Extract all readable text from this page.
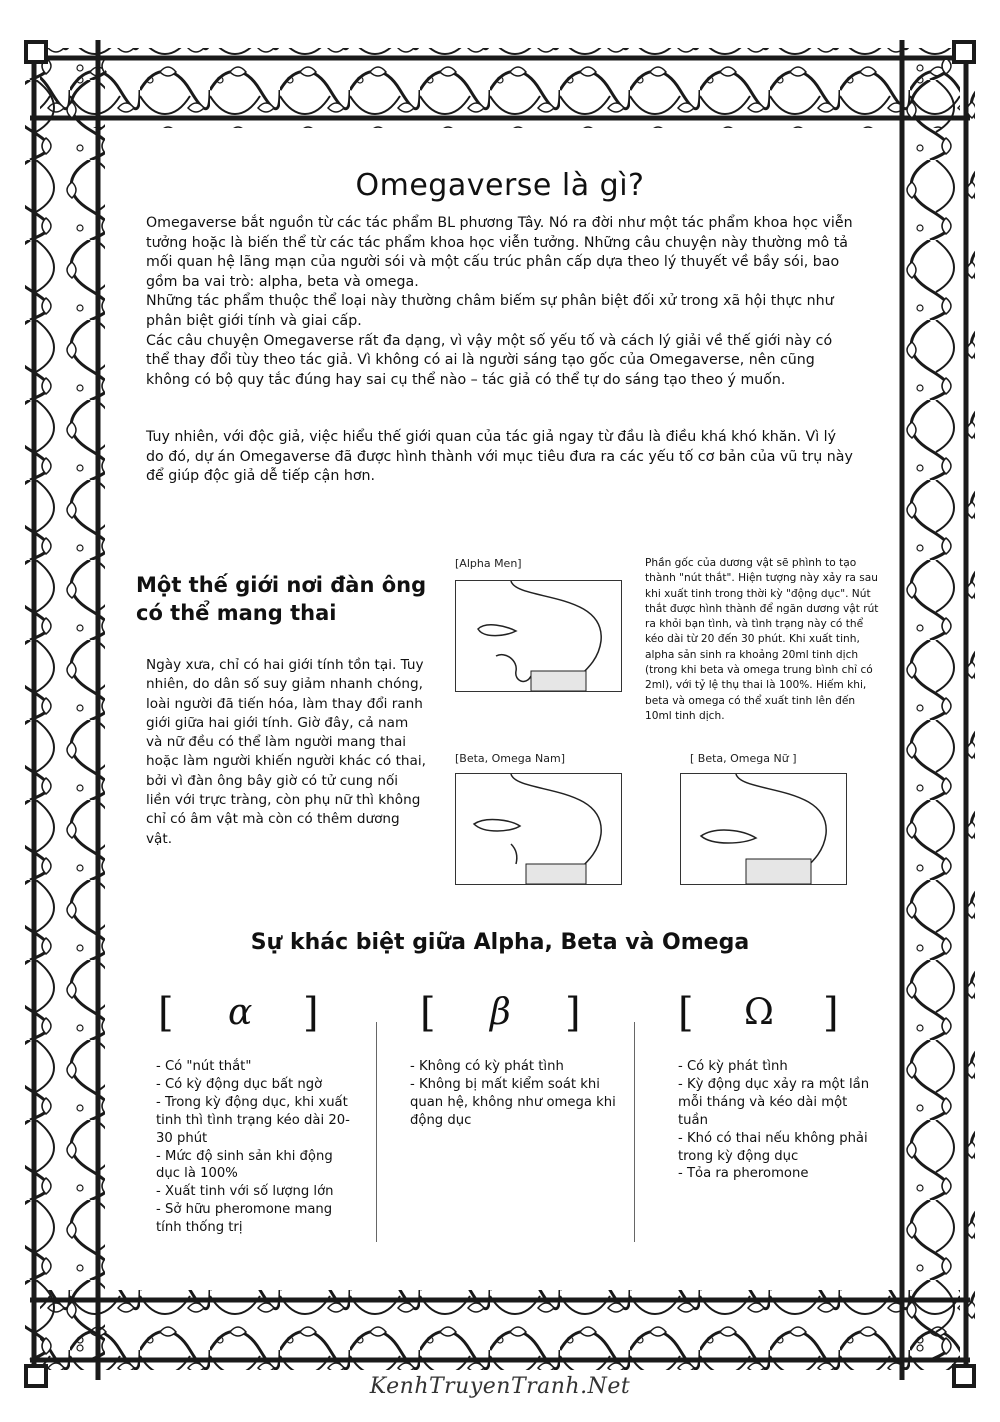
Omegaverse là gì?

Omegaverse bắt nguồn từ các tác phẩm BL phương Tây. Nó ra đời như một tác phẩm khoa học viễn tưởng hoặc là biến thể từ các tác phẩm khoa học viễn tưởng. Những câu chuyện này thường mô tả mối quan hệ lãng mạn của người sói và một cấu trúc phân cấp dựa theo lý thuyết về bầy sói, bao gồm ba vai trò: alpha, beta và omega.

Những tác phẩm thuộc thể loại này thường châm biếm sự phân biệt đối xử trong xã hội thực như phân biệt giới tính và giai cấp.

Các câu chuyện Omegaverse rất đa dạng, vì vậy một số yếu tố và cách lý giải về thế giới này có thể thay đổi tùy theo tác giả. Vì không có ai là người sáng tạo gốc của Omegaverse, nên cũng không có bộ quy tắc đúng hay sai cụ thể nào – tác giả có thể tự do sáng tạo theo ý muốn.

Tuy nhiên, với độc giả, việc hiểu thế giới quan của tác giả ngay từ đầu là điều khá khó khăn. Vì lý do đó, dự án Omegaverse đã được hình thành với mục tiêu đưa ra các yếu tố cơ bản của vũ trụ này để giúp độc giả dễ tiếp cận hơn.

Một thế giới nơi đàn ông có thể mang thai
Ngày xưa, chỉ có hai giới tính tồn tại. Tuy nhiên, do dân số suy giảm nhanh chóng, loài người đã tiến hóa, làm thay đổi ranh giới giữa hai giới tính. Giờ đây, cả nam và nữ đều có thể làm người mang thai hoặc làm người khiến người khác có thai, bởi vì đàn ông bây giờ có tử cung nối liền với trực tràng, còn phụ nữ thì không chỉ có âm vật mà còn có thêm dương vật.
[Alpha Men]	Phần gốc của dương vật sẽ phình to tạo thành "nút thắt". Hiện tượng này xảy ra sau khi xuất tinh trong thời kỳ "động dục". Nút thắt được hình thành để ngăn dương vật rút ra khỏi bạn tình, và tình trạng này có thể kéo dài từ 20 đến 30 phút. Khi xuất tinh, alpha sản sinh ra khoảng 20ml tinh dịch (trong khi beta và omega trung bình chỉ có 2ml), với tỷ lệ thụ thai là 100%. Hiếm khi, beta và omega có thể xuất tinh lên đến 10ml tinh dịch.
[Beta, Omega Nam]	[ Beta, Omega Nữ ]
Sự khác biệt giữa Alpha, Beta và Omega
[ α ]	[ β ] [ Ω ]
- Có "nút thắt"
- Có kỳ động dục bất ngờ
- Trong kỳ động dục, khi xuất tinh thì tình trạng kéo dài 20-30 phút
- Mức độ sinh sản khi động dục là 100%
- Xuất tinh với số lượng lớn
- Sở hữu pheromone mang tính thống trị
- Không có kỳ phát tình
- Không bị mất kiểm soát khi quan hệ, không như omega khi động dục
- Có kỳ phát tình
- Kỳ động dục xảy ra một lần mỗi tháng và kéo dài một tuần
- Khó có thai nếu không phải trong kỳ động dục
- Tỏa ra pheromone
KenhTruyenTranh.Net
